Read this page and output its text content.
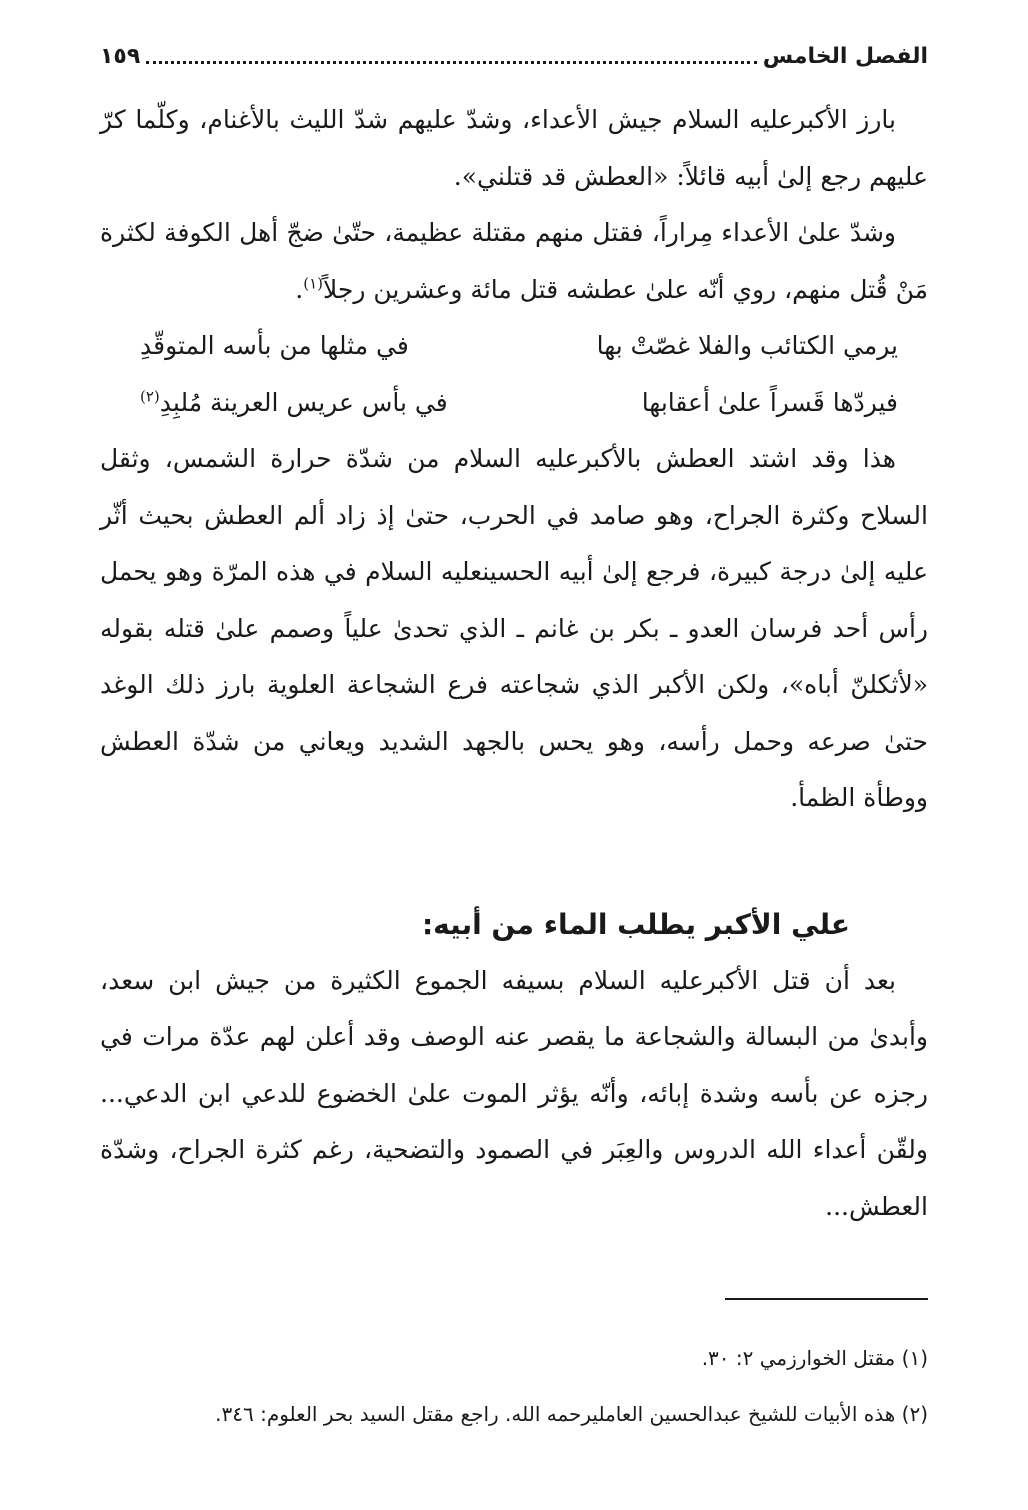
الفصل الخامس
١٥٩

بارز الأكبرعليه السلام جيش الأعداء، وشدّ عليهم شدّ الليث بالأغنام، وكلّما كرّ عليهم رجع إلىٰ أبيه قائلاً: «العطش قد قتلني».

وشدّ علىٰ الأعداء مِراراً، فقتل منهم مقتلة عظيمة، حتّىٰ ضجّ أهل الكوفة لكثرة مَنْ قُتل منهم، روي أنّه علىٰ عطشه قتل مائة وعشرين رجلاً$^{(١)}$.

يرمي الكتائب والفلا غصّتْ بها
في مثلها من بأسه المتوقّدِ
فيردّها قَسراً علىٰ أعقابها
في بأس عريس العرينة مُلبِدِ$^{(٢)}$

هذا وقد اشتد العطش بالأكبرعليه السلام من شدّة حرارة الشمس، وثقل السلاح وكثرة الجراح، وهو صامد في الحرب، حتىٰ إذ زاد ألم العطش بحيث أثّر عليه إلىٰ درجة كبيرة، فرجع إلىٰ أبيه الحسينعليه السلام في هذه المرّة وهو يحمل رأس أحد فرسان العدو ـ بكر بن غانم ـ الذي تحدىٰ علياً وصمم علىٰ قتله بقوله «لأثكلنّ أباه»، ولكن الأكبر الذي شجاعته فرع الشجاعة العلوية بارز ذلك الوغد حتىٰ صرعه وحمل رأسه، وهو يحس بالجهد الشديد ويعاني من شدّة العطش ووطأة الظمأ.

علي الأكبر يطلب الماء من أبيه:

بعد أن قتل الأكبرعليه السلام بسيفه الجموع الكثيرة من جيش ابن سعد، وأبدىٰ من البسالة والشجاعة ما يقصر عنه الوصف وقد أعلن لهم عدّة مرات في رجزه عن بأسه وشدة إبائه، وأنّه يؤثر الموت علىٰ الخضوع للدعي ابن الدعي... ولقّن أعداء الله الدروس والعِبَر في الصمود والتضحية، رغم كثرة الجراح، وشدّة العطش...

(١) مقتل الخوارزمي ٢: ٣٠.

(٢) هذه الأبيات للشيخ عبدالحسين العامليرحمه الله. راجع مقتل السيد بحر العلوم: ٣٤٦.
